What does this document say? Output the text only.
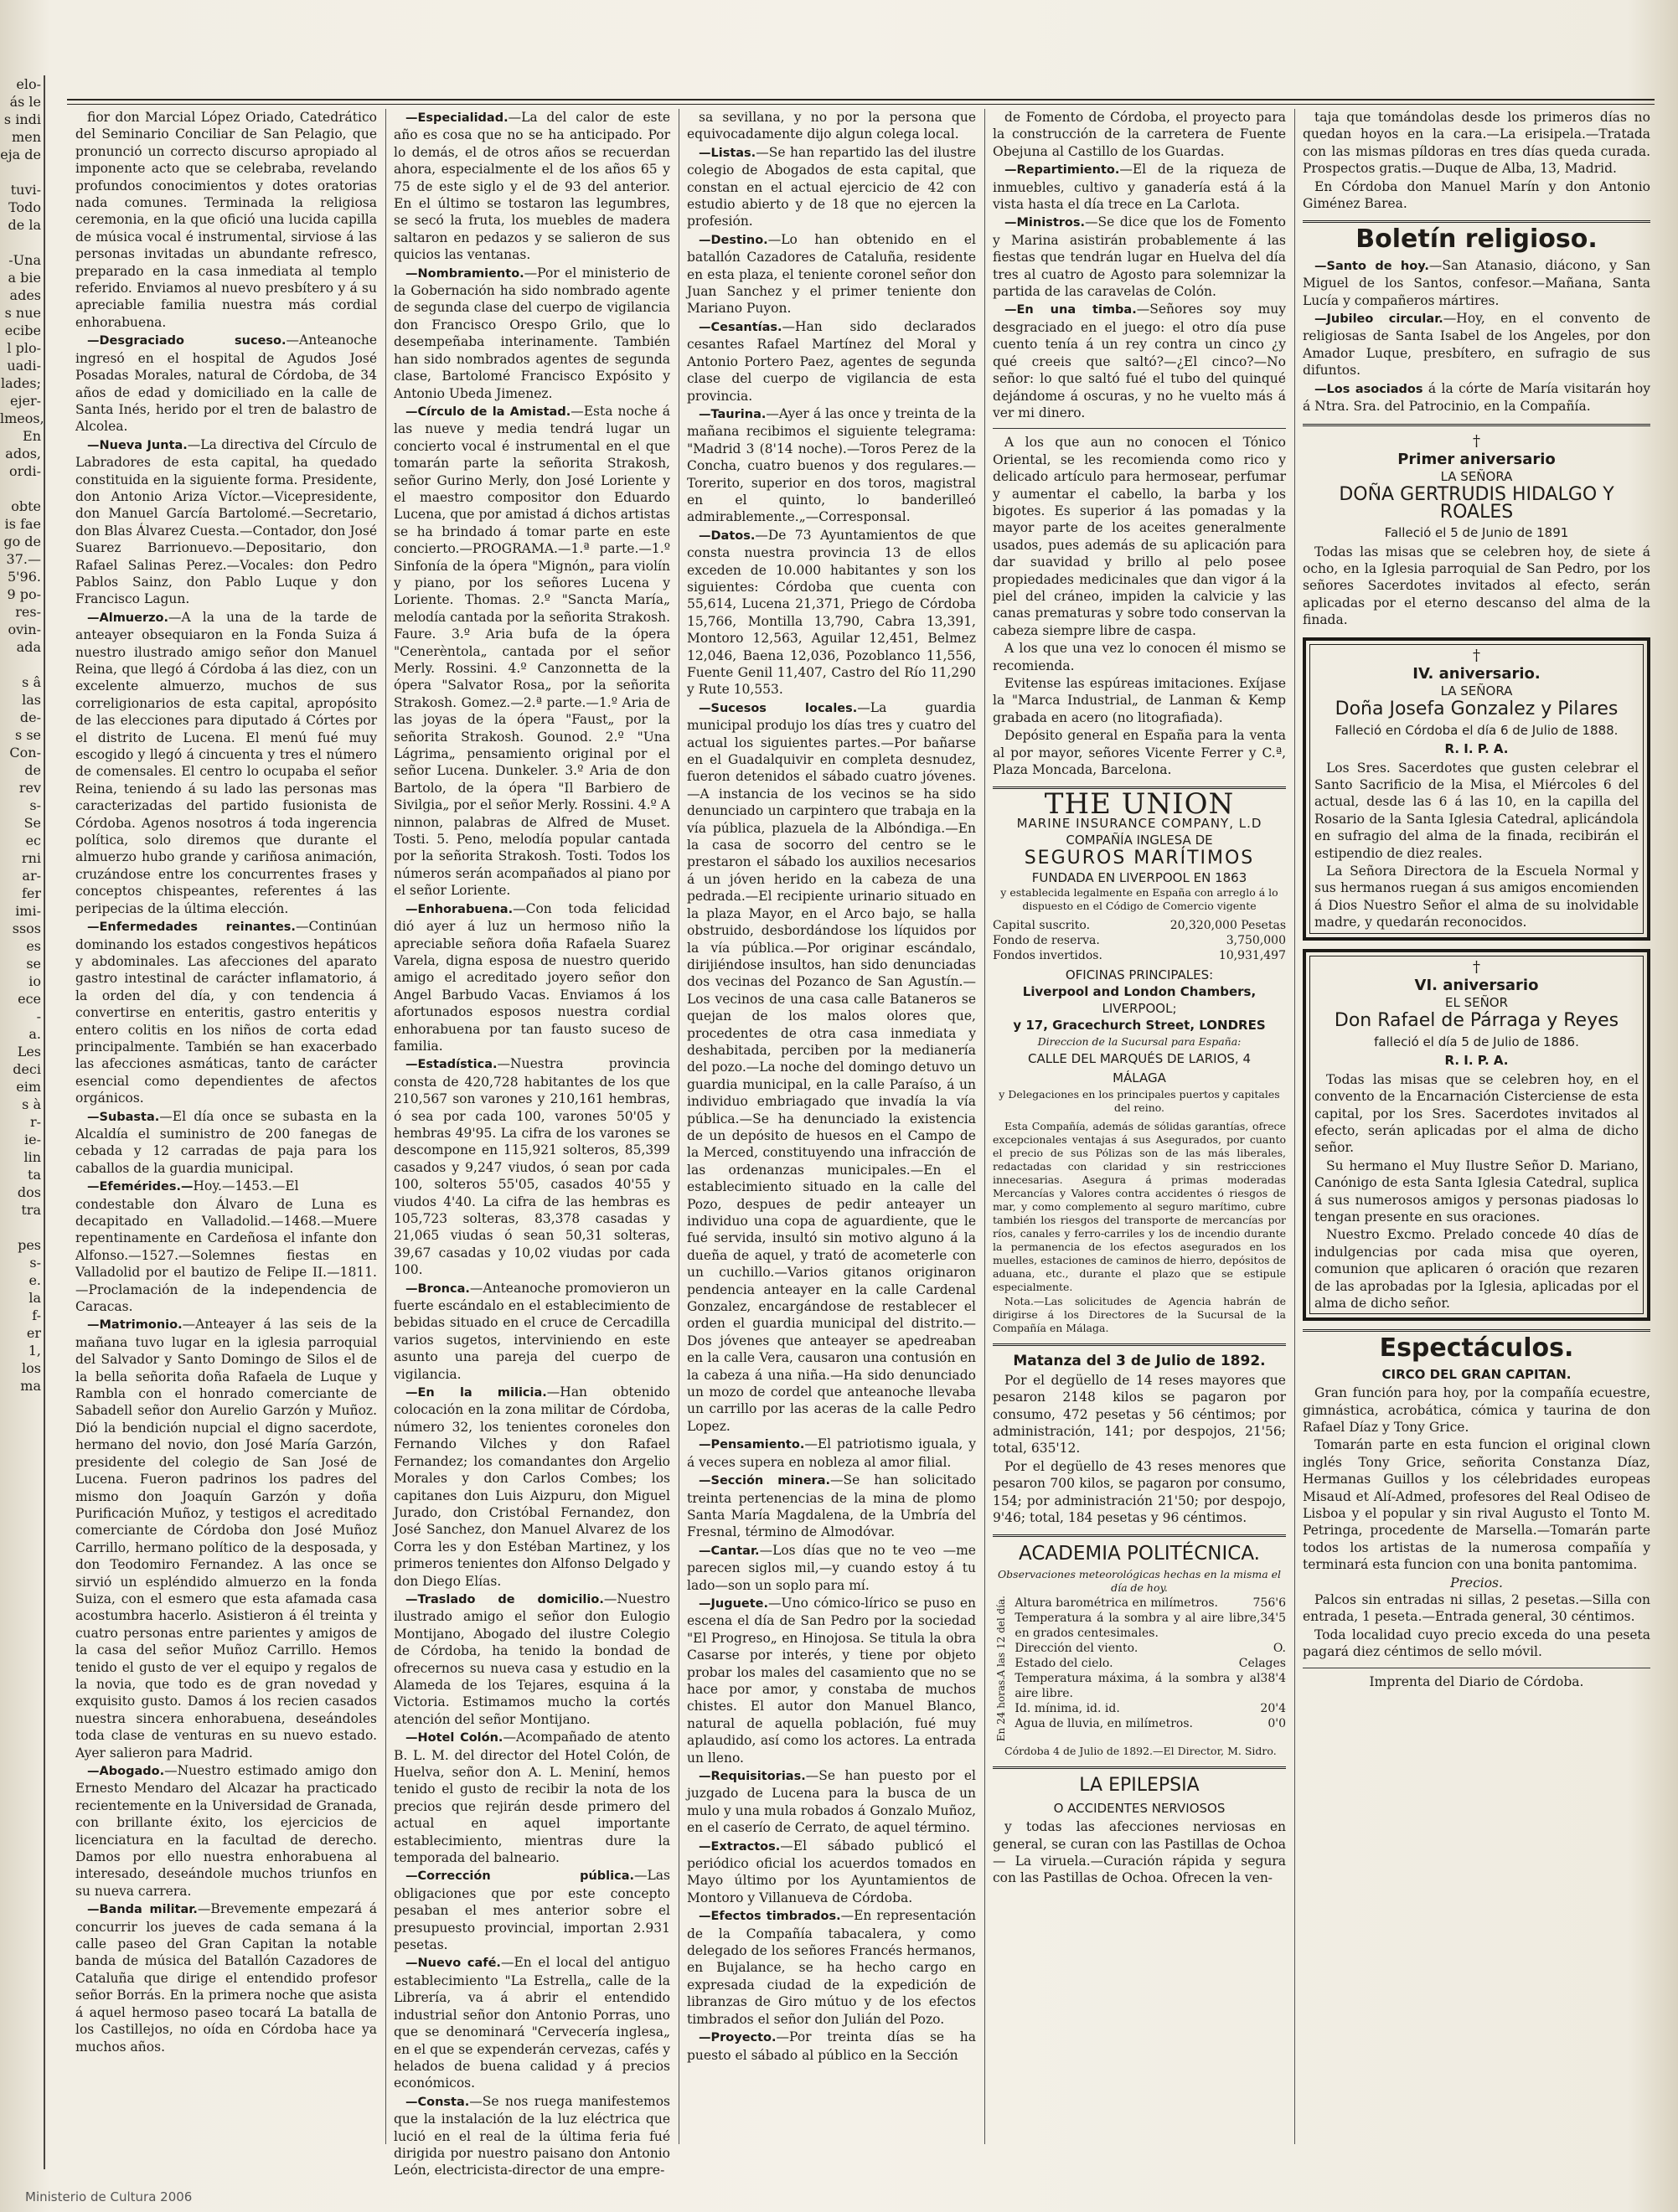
elo-

ás le

s indi

men

eja de

tuvi-

Todo

de la

-Una

a bie

ades

s nue

ecibe

l plo-

uadi-

lades;

ejer-

lmeos,

En

ados,

ordi-

obte

is fae

go de

37.—

5'96.

9 po-

res-

ovin-

ada

s â

las

de-

s se

Con-

de

rev

s-

Se

ec

rni

ar-

fer

imi-

ssos

es

se

io

ece

-

a.

Les

deci

eim

s à

r-

ie-

lin

ta

dos

tra

pes

s-

e.

la

f-

er

1,

los

ma

fior don Marcial López Oriado, Catedrático del Seminario Conciliar de San Pelagio, que pronunció un correcto discurso apropiado al imponente acto que se celebraba, revelando profundos conocimientos y dotes oratorias nada comunes. Terminada la religiosa ceremonia, en la que ofició una lucida capilla de música vocal é instrumental, sirviose á las personas invitadas un abundante refresco, preparado en la casa inmediata al templo referido. Enviamos al nuevo presbítero y á su apreciable familia nuestra más cordial enhorabuena.

—Desgraciado suceso.—Anteanoche ingresó en el hospital de Agudos José Posadas Morales, natural de Córdoba, de 34 años de edad y domiciliado en la calle de Santa Inés, herido por el tren de balastro de Alcolea.

—Nueva Junta.—La directiva del Círculo de Labradores de esta capital, ha quedado constituida en la siguiente forma. Presidente, don Antonio Ariza Víctor.—Vicepresidente, don Manuel García Bartolomé.—Secretario, don Blas Álvarez Cuesta.—Contador, don José Suarez Barrionuevo.—Depositario, don Rafael Salinas Perez.—Vocales: don Pedro Pablos Sainz, don Pablo Luque y don Francisco Lagun.

—Almuerzo.—A la una de la tarde de anteayer obsequiaron en la Fonda Suiza á nuestro ilustrado amigo señor don Manuel Reina, que llegó á Córdoba á las diez, con un excelente almuerzo, muchos de sus correligionarios de esta capital, apropósito de las elecciones para diputado á Córtes por el distrito de Lucena. El menú fué muy escogido y llegó á cincuenta y tres el número de comensales. El centro lo ocupaba el señor Reina, teniendo á su lado las personas mas caracterizadas del partido fusionista de Córdoba. Agenos nosotros á toda ingerencia política, solo diremos que durante el almuerzo hubo grande y cariñosa animación, cruzándose entre los concurrentes frases y conceptos chispeantes, referentes á las peripecias de la última elección.

—Enfermedades reinantes.—Continúan dominando los estados congestivos hepáticos y abdominales. Las afecciones del aparato gastro intestinal de carácter inflamatorio, á la orden del día, y con tendencia á convertirse en enteritis, gastro enteritis y entero colitis en los niños de corta edad principalmente. También se han exacerbado las afecciones asmáticas, tanto de carácter esencial como dependientes de afectos orgánicos.

—Subasta.—El día once se subasta en la Alcaldía el suministro de 200 fanegas de cebada y 12 carradas de paja para los caballos de la guardia municipal.

—Efemérides.—Hoy.—1453.—El condestable don Álvaro de Luna es decapitado en Valladolid.—1468.—Muere repentinamente en Cardeñosa el infante don Alfonso.—1527.—Solemnes fiestas en Valladolid por el bautizo de Felipe II.—1811.—Proclamación de la independencia de Caracas.

—Matrimonio.—Anteayer á las seis de la mañana tuvo lugar en la iglesia parroquial del Salvador y Santo Domingo de Silos el de la bella señorita doña Rafaela de Luque y Rambla con el honrado comerciante de Sabadell señor don Aurelio Garzón y Muñoz. Dió la bendición nupcial el digno sacerdote, hermano del novio, don José María Garzón, presidente del colegio de San José de Lucena. Fueron padrinos los padres del mismo don Joaquín Garzón y doña Purificación Muñoz, y testigos el acreditado comerciante de Córdoba don José Muñoz Carrillo, hermano político de la desposada, y don Teodomiro Fernandez. A las once se sirvió un espléndido almuerzo en la fonda Suiza, con el esmero que esta afamada casa acostumbra hacerlo. Asistieron á él treinta y cuatro personas entre parientes y amigos de la casa del señor Muñoz Carrillo. Hemos tenido el gusto de ver el equipo y regalos de la novia, que todo es de gran novedad y exquisito gusto. Damos á los recien casados nuestra sincera enhorabuena, deseándoles toda clase de venturas en su nuevo estado. Ayer salieron para Madrid.

—Abogado.—Nuestro estimado amigo don Ernesto Mendaro del Alcazar ha practicado recientemente en la Universidad de Granada, con brillante éxito, los ejercicios de licenciatura en la facultad de derecho. Damos por ello nuestra enhorabuena al interesado, deseándole muchos triunfos en su nueva carrera.

—Banda militar.—Brevemente empezará á concurrir los jueves de cada semana á la calle paseo del Gran Capitan la notable banda de música del Batallón Cazadores de Cataluña que dirige el entendido profesor señor Borrás. En la primera noche que asista á aquel hermoso paseo tocará La batalla de los Castillejos, no oída en Córdoba hace ya muchos años.

—Especialidad.—La del calor de este año es cosa que no se ha anticipado. Por lo demás, el de otros años se recuerdan ahora, especialmente el de los años 65 y 75 de este siglo y el de 93 del anterior. En el último se tostaron las legumbres, se secó la fruta, los muebles de madera saltaron en pedazos y se salieron de sus quicios las ventanas.

—Nombramiento.—Por el ministerio de la Gobernación ha sido nombrado agente de segunda clase del cuerpo de vigilancia don Francisco Orespo Grilo, que lo desempeñaba interinamente. También han sido nombrados agentes de segunda clase, Bartolomé Francisco Expósito y Antonio Ubeda Jimenez.

—Círculo de la Amistad.—Esta noche á las nueve y media tendrá lugar un concierto vocal é instrumental en el que tomarán parte la señorita Strakosh, señor Gurino Merly, don José Loriente y el maestro compositor don Eduardo Lucena, que por amistad á dichos artistas se ha brindado á tomar parte en este concierto.—PROGRAMA.—1.ª parte.—1.º Sinfonía de la ópera "Mignón„ para violín y piano, por los señores Lucena y Loriente. Thomas. 2.º "Sancta María„ melodía cantada por la señorita Strakosh. Faure. 3.º Aria bufa de la ópera "Cenerèntola„ cantada por el señor Merly. Rossini. 4.º Canzonnetta de la ópera "Salvator Rosa„ por la señorita Strakosh. Gomez.—2.ª parte.—1.º Aria de las joyas de la ópera "Faust„ por la señorita Strakosh. Gounod. 2.º "Una Lágrima„ pensamiento original por el señor Lucena. Dunkeler. 3.º Aria de don Bartolo, de la ópera "Il Barbiero de Sivilgia„ por el señor Merly. Rossini. 4.º A ninnon, palabras de Alfred de Muset. Tosti. 5. Peno, melodía popular cantada por la señorita Strakosh. Tosti. Todos los números serán acompañados al piano por el señor Loriente.

—Enhorabuena.—Con toda felicidad dió ayer á luz un hermoso niño la apreciable señora doña Rafaela Suarez Varela, digna esposa de nuestro querido amigo el acreditado joyero señor don Angel Barbudo Vacas. Enviamos á los afortunados esposos nuestra cordial enhorabuena por tan fausto suceso de familia.

—Estadística.—Nuestra provincia consta de 420,728 habitantes de los que 210,567 son varones y 210,161 hembras, ó sea por cada 100, varones 50'05 y hembras 49'95. La cifra de los varones se descompone en 115,921 solteros, 85,399 casados y 9,247 viudos, ó sean por cada 100, solteros 55'05, casados 40'55 y viudos 4'40. La cifra de las hembras es 105,723 solteras, 83,378 casadas y 21,065 viudas ó sean 50,31 solteras, 39,67 casadas y 10,02 viudas por cada 100.

—Bronca.—Anteanoche promovieron un fuerte escándalo en el establecimiento de bebidas situado en el cruce de Cercadilla varios sugetos, interviniendo en este asunto una pareja del cuerpo de vigilancia.

—En la milicia.—Han obtenido colocación en la zona militar de Córdoba, número 32, los tenientes coroneles don Fernando Vilches y don Rafael Fernandez; los comandantes don Argelio Morales y don Carlos Combes; los capitanes don Luis Aizpuru, don Miguel Jurado, don Cristóbal Fernandez, don José Sanchez, don Manuel Alvarez de los Corra les y don Estéban Martinez, y los primeros tenientes don Alfonso Delgado y don Diego Elías.

—Traslado de domicilio.—Nuestro ilustrado amigo el señor don Eulogio Montijano, Abogado del ilustre Colegio de Córdoba, ha tenido la bondad de ofrecernos su nueva casa y estudio en la Alameda de los Tejares, esquina á la Victoria. Estimamos mucho la cortés atención del señor Montijano.

—Hotel Colón.—Acompañado de atento B. L. M. del director del Hotel Colón, de Huelva, señor don A. L. Meniní, hemos tenido el gusto de recibir la nota de los precios que rejirán desde primero del actual en aquel importante establecimiento, mientras dure la temporada del balneario.

—Corrección pública.—Las obligaciones que por este concepto pesaban el mes anterior sobre el presupuesto provincial, importan 2.931 pesetas.

—Nuevo café.—En el local del antiguo establecimiento "La Estrella„ calle de la Librería, va á abrir el entendido industrial señor don Antonio Porras, uno que se denominará "Cervecería inglesa„ en el que se expenderán cervezas, cafés y helados de buena calidad y á precios económicos.

—Consta.—Se nos ruega manifestemos que la instalación de la luz eléctrica que lució en el real de la última feria fué dirigida por nuestro paisano don Antonio León, electricista-director de una empre-

sa sevillana, y no por la persona que equivocadamente dijo algun colega local.

—Listas.—Se han repartido las del ilustre colegio de Abogados de esta capital, que constan en el actual ejercicio de 42 con estudio abierto y de 18 que no ejercen la profesión.

—Destino.—Lo han obtenido en el batallón Cazadores de Cataluña, residente en esta plaza, el teniente coronel señor don Juan Sanchez y el primer teniente don Mariano Puyon.

—Cesantías.—Han sido declarados cesantes Rafael Martínez del Moral y Antonio Portero Paez, agentes de segunda clase del cuerpo de vigilancia de esta provincia.

—Taurina.—Ayer á las once y treinta de la mañana recibimos el siguiente telegrama: "Madrid 3 (8'14 noche).—Toros Perez de la Concha, cuatro buenos y dos regulares.—Torerito, superior en dos toros, magistral en el quinto, lo banderilleó admirablemente.„—Corresponsal.

—Datos.—De 73 Ayuntamientos de que consta nuestra provincia 13 de ellos exceden de 10.000 habitantes y son los siguientes: Córdoba que cuenta con 55,614, Lucena 21,371, Priego de Córdoba 15,766, Montilla 13,790, Cabra 13,391, Montoro 12,563, Aguilar 12,451, Belmez 12,046, Baena 12,036, Pozoblanco 11,556, Fuente Genil 11,407, Castro del Río 11,290 y Rute 10,553.

—Sucesos locales.—La guardia municipal produjo los días tres y cuatro del actual los siguientes partes.—Por bañarse en el Guadalquivir en completa desnudez, fueron detenidos el sábado cuatro jóvenes.—A instancia de los vecinos se ha sido denunciado un carpintero que trabaja en la vía pública, plazuela de la Albóndiga.—En la casa de socorro del centro se le prestaron el sábado los auxilios necesarios á un jóven herido en la cabeza de una pedrada.—El recipiente urinario situado en la plaza Mayor, en el Arco bajo, se halla obstruido, desbordándose los líquidos por la vía pública.—Por originar escándalo, dirijiéndose insultos, han sido denunciadas dos vecinas del Pozanco de San Agustín.—Los vecinos de una casa calle Bataneros se quejan de los malos olores que, procedentes de otra casa inmediata y deshabitada, perciben por la medianería del pozo.—La noche del domingo detuvo un guardia municipal, en la calle Paraíso, á un individuo embriagado que invadía la vía pública.—Se ha denunciado la existencia de un depósito de huesos en el Campo de la Merced, constituyendo una infracción de las ordenanzas municipales.—En el establecimiento situado en la calle del Pozo, despues de pedir anteayer un individuo una copa de aguardiente, que le fué servida, insultó sin motivo alguno á la dueña de aquel, y trató de acometerle con un cuchillo.—Varios gitanos originaron pendencia anteayer en la calle Cardenal Gonzalez, encargándose de restablecer el orden el guardia municipal del distrito.—Dos jóvenes que anteayer se apedreaban en la calle Vera, causaron una contusión en la cabeza á una niña.—Ha sido denunciado un mozo de cordel que anteanoche llevaba un carrillo por las aceras de la calle Pedro Lopez.

—Pensamiento.—El patriotismo iguala, y á veces supera en nobleza al amor filial.

—Sección minera.—Se han solicitado treinta pertenencias de la mina de plomo Santa María Magdalena, de la Umbría del Fresnal, término de Almodóvar.

—Cantar.—Los días que no te veo —me parecen siglos mil,—y cuando estoy á tu lado—son un soplo para mí.

—Juguete.—Uno cómico-lírico se puso en escena el día de San Pedro por la sociedad "El Progreso„ en Hinojosa. Se titula la obra Casarse por interés, y tiene por objeto probar los males del casamiento que no se hace por amor, y constaba de muchos chistes. El autor don Manuel Blanco, natural de aquella población, fué muy aplaudido, así como los actores. La entrada un lleno.

—Requisitorias.—Se han puesto por el juzgado de Lucena para la busca de un mulo y una mula robados á Gonzalo Muñoz, en el caserío de Cerrato, de aquel término.

—Extractos.—El sábado publicó el periódico oficial los acuerdos tomados en Mayo último por los Ayuntamientos de Montoro y Villanueva de Córdoba.

—Efectos timbrados.—En representación de la Compañía tabacalera, y como delegado de los señores Francés hermanos, en Bujalance, se ha hecho cargo en expresada ciudad de la expedición de libranzas de Giro mútuo y de los efectos timbrados el señor don Julián del Pozo.

—Proyecto.—Por treinta días se ha puesto el sábado al público en la Sección

de Fomento de Córdoba, el proyecto para la construcción de la carretera de Fuente Obejuna al Castillo de los Guardas.

—Repartimiento.—El de la riqueza de inmuebles, cultivo y ganadería está á la vista hasta el día trece en La Carlota.

—Ministros.—Se dice que los de Fomento y Marina asistirán probablemente á las fiestas que tendrán lugar en Huelva del día tres al cuatro de Agosto para solemnizar la partida de las caravelas de Colón.

—En una timba.—Señores soy muy desgraciado en el juego: el otro día puse cuento tenía á un rey contra un cinco ¿y qué creeis que saltó?—¿El cinco?—No señor: lo que saltó fué el tubo del quinqué dejándome á oscuras, y no he vuelto más á ver mi dinero.

A los que aun no conocen el Tónico Oriental, se les recomienda como rico y delicado artículo para hermosear, perfumar y aumentar el cabello, la barba y los bigotes. Es superior á las pomadas y la mayor parte de los aceites generalmente usados, pues además de su aplicación para dar suavidad y brillo al pelo posee propiedades medicinales que dan vigor á la piel del cráneo, impiden la calvicie y las canas prematuras y sobre todo conservan la cabeza siempre libre de caspa.

A los que una vez lo conocen él mismo se recomienda.

Evitense las espúreas imitaciones. Exíjase la "Marca Industrial„ de Lanman & Kemp grabada en acero (no litografiada).

Depósito general en España para la venta al por mayor, señores Vicente Ferrer y C.ª, Plaza Moncada, Barcelona.

THE UNION
MARINE INSURANCE COMPANY, L.D
COMPAÑÍA INGLESA DE
SEGUROS MARÍTIMOS
FUNDADA EN LIVERPOOL EN 1863
y establecida legalmente en España con arreglo á lo dispuesto en el Código de Comercio vigente
Capital suscrito.	20,320,000 Pesetas
Fondo de reserva.	3,750,000
Fondos invertidos.	10,931,497
OFICINAS PRINCIPALES:
Liverpool and London Chambers,
LIVERPOOL;
y 17, Gracechurch Street, LONDRES
Direccion de la Sucursal para España:
CALLE DEL MARQUÉS DE LARIOS, 4
MÁLAGA
y Delegaciones en los principales puertos y capitales del reino.

Esta Compañía, además de sólidas garantías, ofrece excepcionales ventajas á sus Asegurados, por cuanto el precio de sus Pólizas son de las más liberales, redactadas con claridad y sin restricciones innecesarias. Asegura á primas moderadas Mercancías y Valores contra accidentes ó riesgos de mar, y como complemento al seguro marítimo, cubre también los riesgos del transporte de mercancías por ríos, canales y ferro-carriles y los de incendio durante la permanencia de los efectos asegurados en los muelles, estaciones de caminos de hierro, depósitos de aduana, etc., durante el plazo que se estipule especialmente.

Nota.—Las solicitudes de Agencia habrán de dirigirse á los Directores de la Sucursal de la Compañía en Málaga.

Matanza del 3 de Julio de 1892.

Por el degüello de 14 reses mayores que pesaron 2148 kilos se pagaron por consumo, 472 pesetas y 56 céntimos; por administración, 141; por despojos, 21'56; total, 635'12.

Por el degüello de 43 reses menores que pesaron 700 kilos, se pagaron por consumo, 154; por administración 21'50; por despojo, 9'46; total, 184 pesetas y 96 céntimos.

ACADEMIA POLITÉCNICA.

Observaciones meteorológicas hechas en la misma el día de hoy.

A las 12 del día.
En 24 horas.
Altura barométrica en milímetros.	756'6
Temperatura á la sombra y al aire libre, en grados centesimales.
34'5
Dirección del viento.	O.
Estado del cielo.	Celages
Temperatura máxima, á la sombra y al aire libre.
38'4
Id. mínima, id. id.	20'4
Agua de lluvia, en milímetros.	0'0

Córdoba 4 de Julio de 1892.—El Director, M. Sidro.

LA EPILEPSIA
O ACCIDENTES NERVIOSOS

y todas las afecciones nerviosas en general, se curan con las Pastillas de Ochoa — La viruela.—Curación rápida y segura con las Pastillas de Ochoa. Ofrecen la ven-

taja que tomándolas desde los primeros días no quedan hoyos en la cara.—La erisipela.—Tratada con las mismas píldoras en tres días queda curada. Prospectos gratis.—Duque de Alba, 13, Madrid.

En Córdoba don Manuel Marín y don Antonio Giménez Barea.

Boletín religioso.

—Santo de hoy.—San Atanasio, diácono, y San Miguel de los Santos, confesor.—Mañana, Santa Lucía y compañeros mártires.

—Jubileo circular.—Hoy, en el convento de religiosas de Santa Isabel de los Angeles, por don Amador Luque, presbítero, en sufragio de sus difuntos.

—Los asociados á la córte de María visitarán hoy á Ntra. Sra. del Patrocinio, en la Compañía.

†
Primer aniversario
LA SEÑORA
DOÑA GERTRUDIS HIDALGO Y ROALES
Falleció el 5 de Junio de 1891

Todas las misas que se celebren hoy, de siete á ocho, en la Iglesia parroquial de San Pedro, por los señores Sacerdotes invitados al efecto, serán aplicadas por el eterno descanso del alma de la finada.

†
IV. aniversario.
LA SEÑORA
Doña Josefa Gonzalez y Pilares
Falleció en Córdoba el día 6 de Julio de 1888.
R. I. P. A.

Los Sres. Sacerdotes que gusten celebrar el Santo Sacrificio de la Misa, el Miércoles 6 del actual, desde las 6 á las 10, en la capilla del Rosario de la Santa Iglesia Catedral, aplicándola en sufragio del alma de la finada, recibirán el estipendio de diez reales.

La Señora Directora de la Escuela Normal y sus hermanos ruegan á sus amigos encomienden á Dios Nuestro Señor el alma de su inolvidable madre, y quedarán reconocidos.

†
VI. aniversario
EL SEÑOR
Don Rafael de Párraga y Reyes
falleció el día 5 de Julio de 1886.
R. I. P. A.

Todas las misas que se celebren hoy, en el convento de la Encarnación Cisterciense de esta capital, por los Sres. Sacerdotes invitados al efecto, serán aplicadas por el alma de dicho señor.

Su hermano el Muy Ilustre Señor D. Mariano, Canónigo de esta Santa Iglesia Catedral, suplica á sus numerosos amigos y personas piadosas lo tengan presente en sus oraciones.

Nuestro Excmo. Prelado concede 40 días de indulgencias por cada misa que oyeren, comunion que aplicaren ó oración que rezaren de las aprobadas por la Iglesia, aplicadas por el alma de dicho señor.

Espectáculos.
CIRCO DEL GRAN CAPITAN.

Gran función para hoy, por la compañía ecuestre, gimnástica, acrobática, cómica y taurina de don Rafael Díaz y Tony Grice.

Tomarán parte en esta funcion el original clown inglés Tony Grice, señorita Constanza Díaz, Hermanas Guillos y los célebridades europeas Misaud et Alí-Admed, profesores del Real Odiseo de Lisboa y el popular y sin rival Augusto el Tonto M. Petringa, procedente de Marsella.—Tomarán parte todos los artistas de la numerosa compañía y terminará esta funcion con una bonita pantomima.

Precios.

Palcos sin entradas ni sillas, 2 pesetas.—Silla con entrada, 1 peseta.—Entrada general, 30 céntimos.

Toda localidad cuyo precio exceda do una peseta pagará diez céntimos de sello móvil.

Imprenta del Diario de Córdoba.
Ministerio de Cultura 2006
